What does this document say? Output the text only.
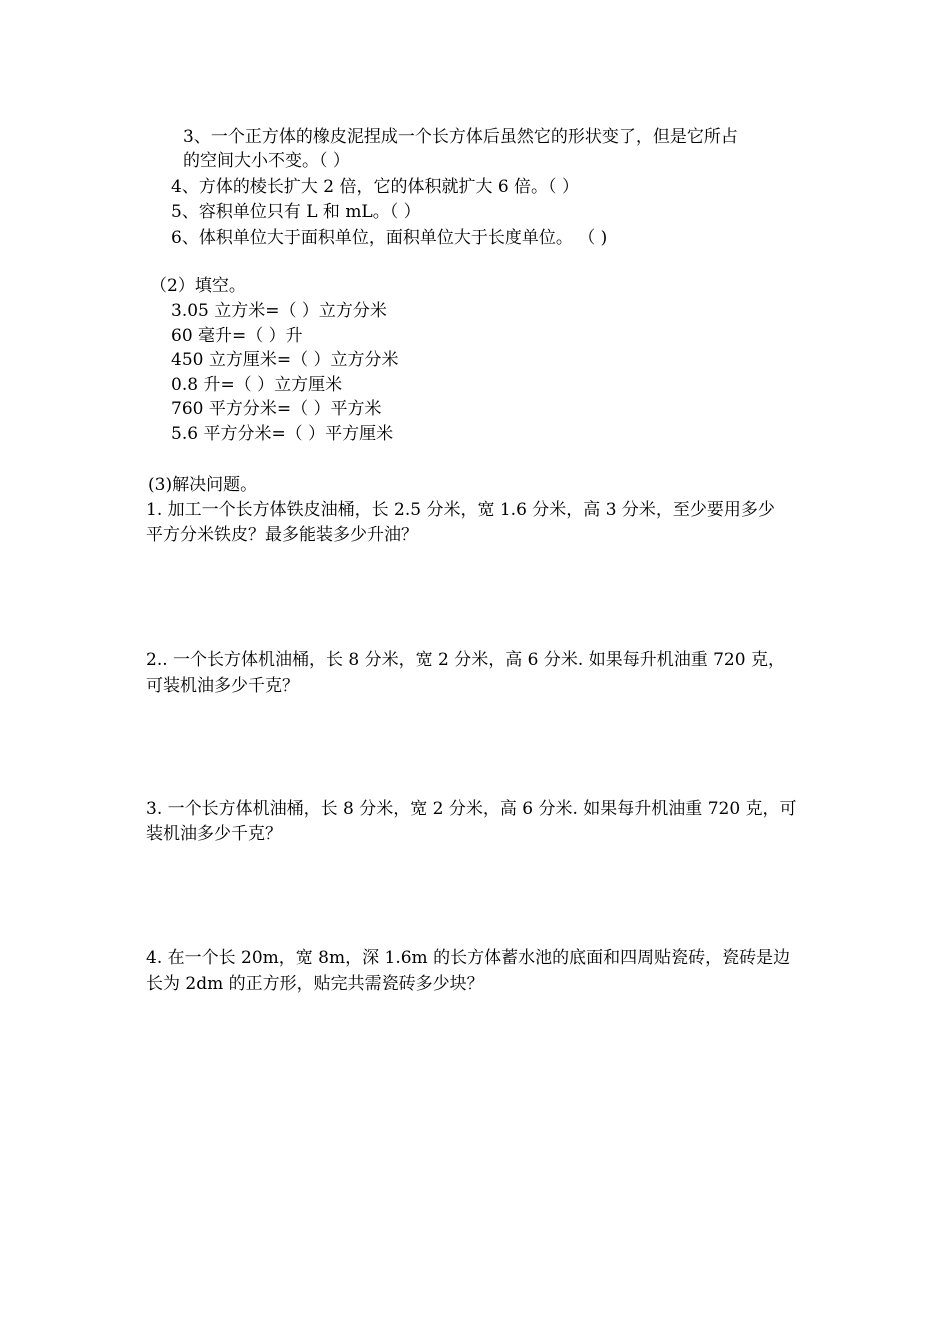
3、一个正方体的橡皮泥捏成一个长方体后虽然它的形状变了，但是它所占
的空间大小不变。（ ）
4、方体的棱长扩大 2 倍，它的体积就扩大 6 倍。（ ）
5、容积单位只有 L 和 mL。（ ）
6、体积单位大于面积单位，面积单位大于长度单位。 （ )
（2）填空。
3.05 立方米=（ ）立方分米
60 毫升=（ ）升
450 立方厘米=（ ）立方分米
0.8 升=（ ）立方厘米
760 平方分米=（ ）平方米
5.6 平方分米=（ ）平方厘米
(3)解决问题。
1. 加工一个长方体铁皮油桶，长 2.5 分米，宽 1.6 分米，高 3 分米，至少要用多少
平方分米铁皮？最多能装多少升油？
2.. 一个长方体机油桶，长 8 分米，宽 2 分米，高 6 分米. 如果每升机油重 720 克，
可装机油多少千克？
3. 一个长方体机油桶，长 8 分米，宽 2 分米，高 6 分米. 如果每升机油重 720 克，可
装机油多少千克？
4. 在一个长 20m，宽 8m，深 1.6m 的长方体蓄水池的底面和四周贴瓷砖，瓷砖是边
长为 2dm 的正方形，贴完共需瓷砖多少块？
